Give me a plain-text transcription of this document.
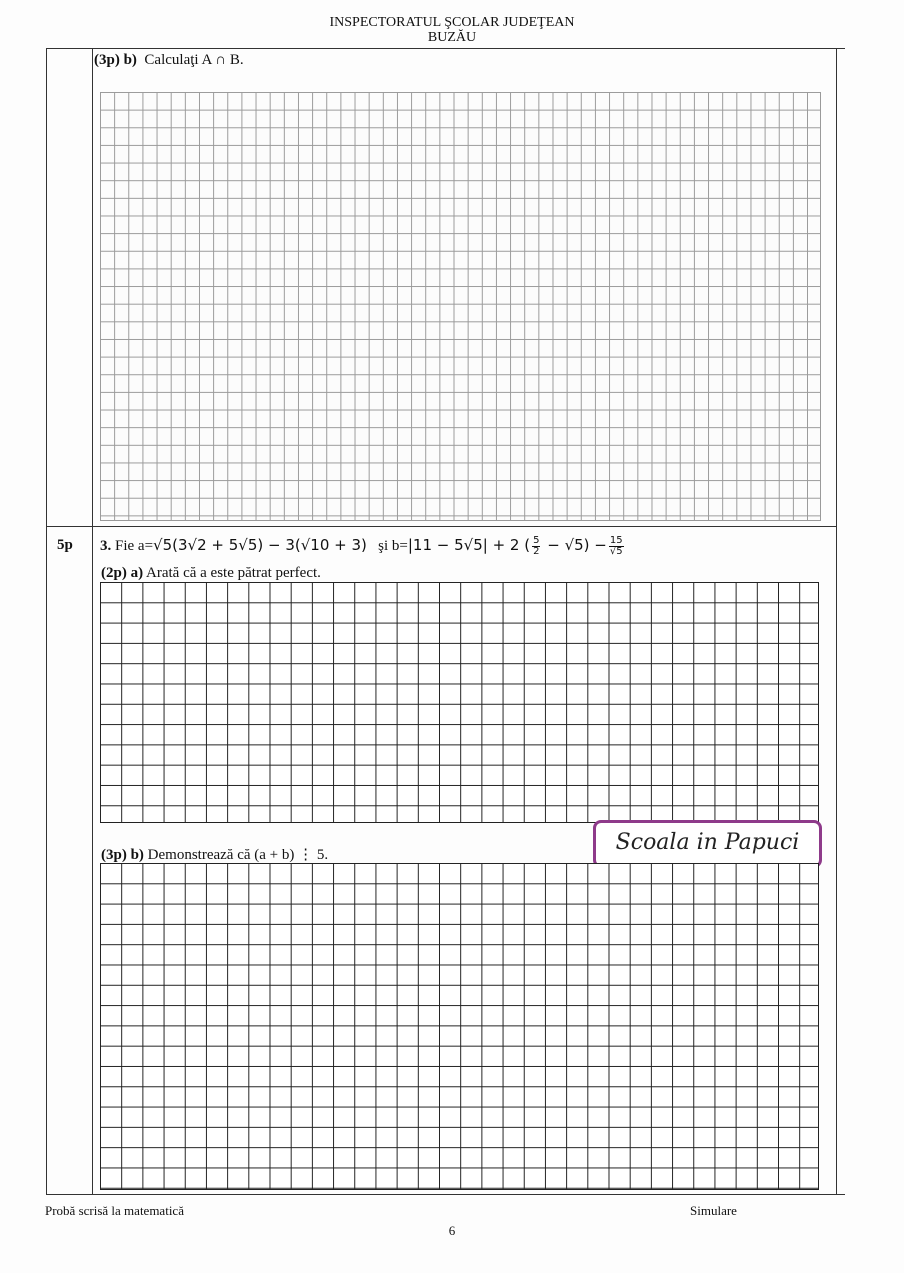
INSPECTORATUL ŞCOLAR JUDEŢEAN
BUZĂU
(3p) b) Calculaţi A ∩ B.
5p 3. Fie a=√5(3√2 + 5√5) − 3(√10 + 3) şi b=|11 − 5√5| + 2 ( $\frac{5}{2} - √5) - \frac{15}{√5}$
(2p) a) Arată că a este pătrat perfect.
Scoala in Papuci
(3p) b) Demonstrează că (a + b) ⋮ 5.
Probă scrisă la matematică	Simulare
6
